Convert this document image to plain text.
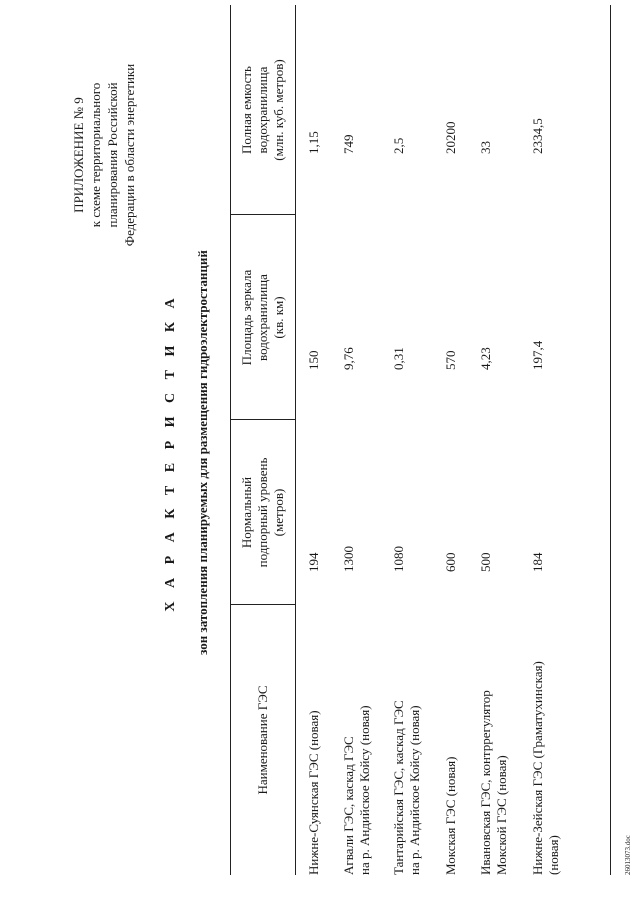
ПРИЛОЖЕНИЕ № 9 к схеме территориального планирования Российской Федерации в области энергетики
Х А Р А К Т Е Р И С Т И К А зон затопления планируемых для размещения гидроэлектростанций
Наименование ГЭС
Нормальный подпорный уровень (метров)
Площадь зеркала водохранилища (кв. км)
Полная емкость водохранилища (млн. куб. метров)
Нижне-Суянская ГЭС (новая)
194
150
1,15
Агвали ГЭС, каскад ГЭС на р. Андийское Койсу (новая)
1300
9,76
749
Тантарийская ГЭС, каскад ГЭС на р. Андийское Койсу (новая)
1080
0,31
2,5
Мокская ГЭС (новая)
600
570
20200
Ивановская ГЭС, контррегулятор Мокской ГЭС (новая)
500
4,23
33
Нижне-Зейская ГЭС (Граматухинская) (новая)
184
197,4
2334,5
26013073.doc
